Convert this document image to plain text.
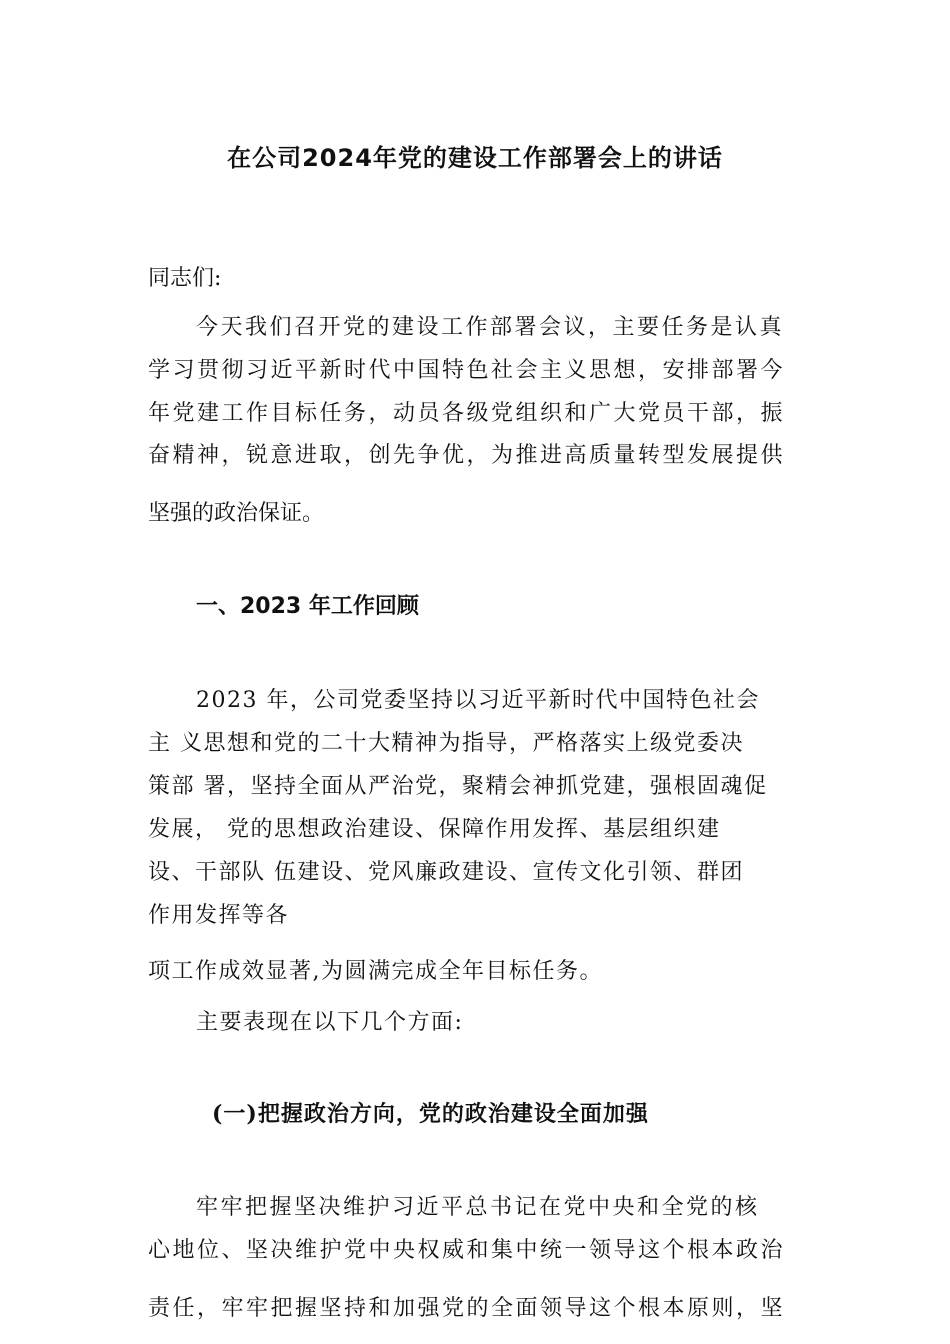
在公司2024年党的建设工作部署会上的讲话
同志们:
今天我们召开党的建设工作部署会议，主要任务是认真
学习贯彻习近平新时代中国特色社会主义思想，安排部署今
年党建工作目标任务，动员各级党组织和广大党员干部，振
奋精神，锐意进取，创先争优，为推进高质量转型发展提供
坚强的政治保证。
一、2023 年工作回顾
2023 年，公司党委坚持以习近平新时代中国特色社会
主 义思想和党的二十大精神为指导，严格落实上级党委决
策部 署，坚持全面从严治党，聚精会神抓党建，强根固魂促
发展， 党的思想政治建设、保障作用发挥、基层组织建
设、干部队 伍建设、党风廉政建设、宣传文化引领、群团
作用发挥等各
项工作成效显著,为圆满完成全年目标任务。
主要表现在以下几个方面:
(一)把握政治方向，党的政治建设全面加强
牢牢把握坚决维护习近平总书记在党中央和全党的核
心地位、坚决维护党中央权威和集中统一领导这个根本政治
责任，牢牢把握坚持和加强党的全面领导这个根本原则，坚
